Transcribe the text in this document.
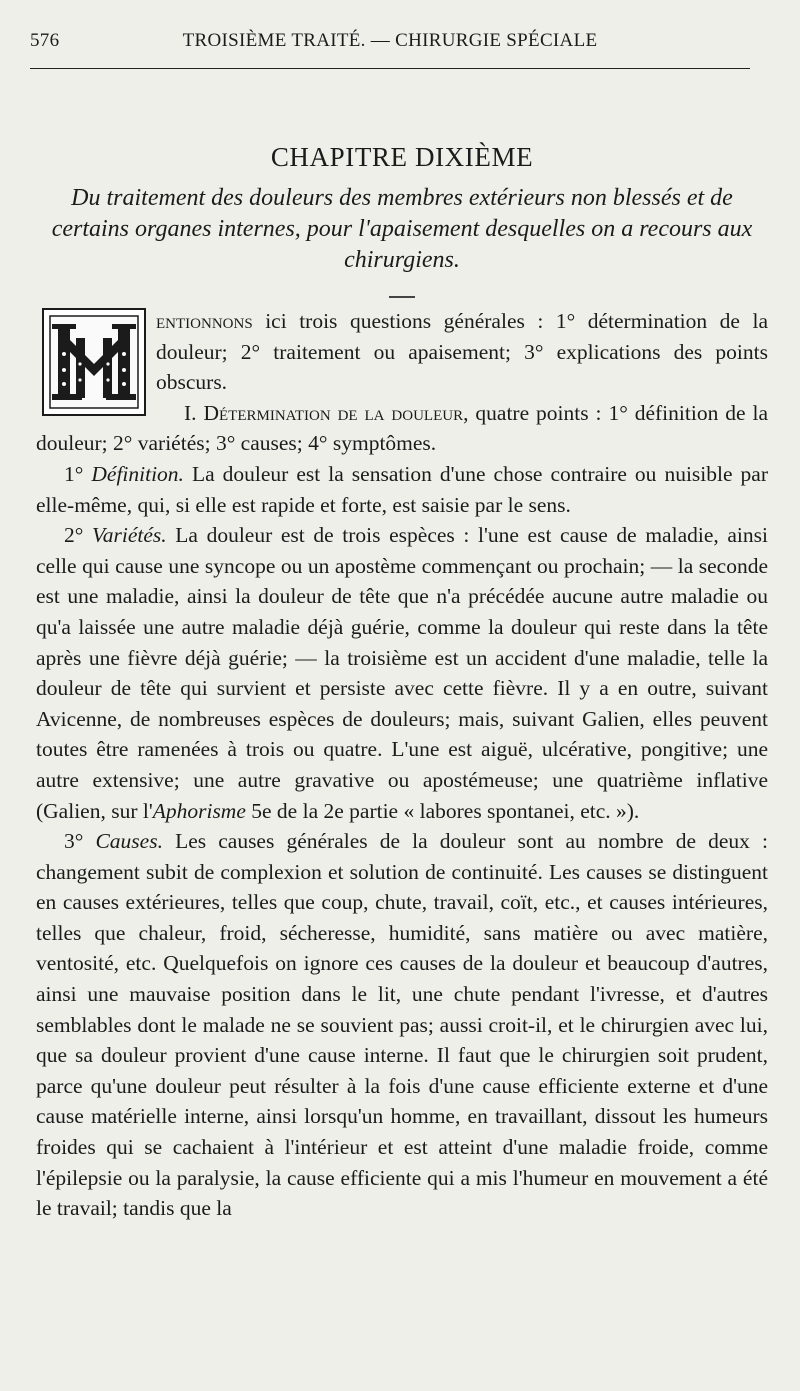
576	TROISIÈME TRAITÉ. — CHIRURGIE SPÉCIALE
CHAPITRE DIXIÈME

Du traitement des douleurs des membres extérieurs non blessés et de certains organes internes, pour l'apaisement desquelles on a recours aux chirurgiens.

entionnons ici trois questions générales : 1° détermination de la douleur; 2° traitement ou apaisement; 3° explications des points obscurs.

I. Détermination de la douleur, quatre points : 1° définition de la douleur; 2° variétés; 3° causes; 4° symptômes.

1° Définition. La douleur est la sensation d'une chose contraire ou nuisible par elle-même, qui, si elle est rapide et forte, est saisie par le sens.

2° Variétés. La douleur est de trois espèces : l'une est cause de maladie, ainsi celle qui cause une syncope ou un apostème commençant ou prochain; — la seconde est une maladie, ainsi la douleur de tête que n'a précédée aucune autre maladie ou qu'a laissée une autre maladie déjà guérie, comme la douleur qui reste dans la tête après une fièvre déjà guérie; — la troisième est un accident d'une maladie, telle la douleur de tête qui survient et persiste avec cette fièvre. Il y a en outre, suivant Avicenne, de nombreuses espèces de douleurs; mais, suivant Galien, elles peuvent toutes être ramenées à trois ou quatre. L'une est aiguë, ulcérative, pongitive; une autre extensive; une autre gravative ou apostémeuse; une quatrième inflative (Galien, sur l'Aphorisme 5e de la 2e partie « labores spontanei, etc. »).

3° Causes. Les causes générales de la douleur sont au nombre de deux : changement subit de complexion et solution de continuité. Les causes se distinguent en causes extérieures, telles que coup, chute, travail, coït, etc., et causes intérieures, telles que chaleur, froid, sécheresse, humidité, sans matière ou avec matière, ventosité, etc. Quelquefois on ignore ces causes de la douleur et beaucoup d'autres, ainsi une mauvaise position dans le lit, une chute pendant l'ivresse, et d'autres semblables dont le malade ne se souvient pas; aussi croit-il, et le chirurgien avec lui, que sa douleur provient d'une cause interne. Il faut que le chirurgien soit prudent, parce qu'une douleur peut résulter à la fois d'une cause efficiente externe et d'une cause matérielle interne, ainsi lorsqu'un homme, en travaillant, dissout les humeurs froides qui se cachaient à l'intérieur et est atteint d'une maladie froide, comme l'épilepsie ou la paralysie, la cause efficiente qui a mis l'humeur en mouvement a été le travail; tandis que la
